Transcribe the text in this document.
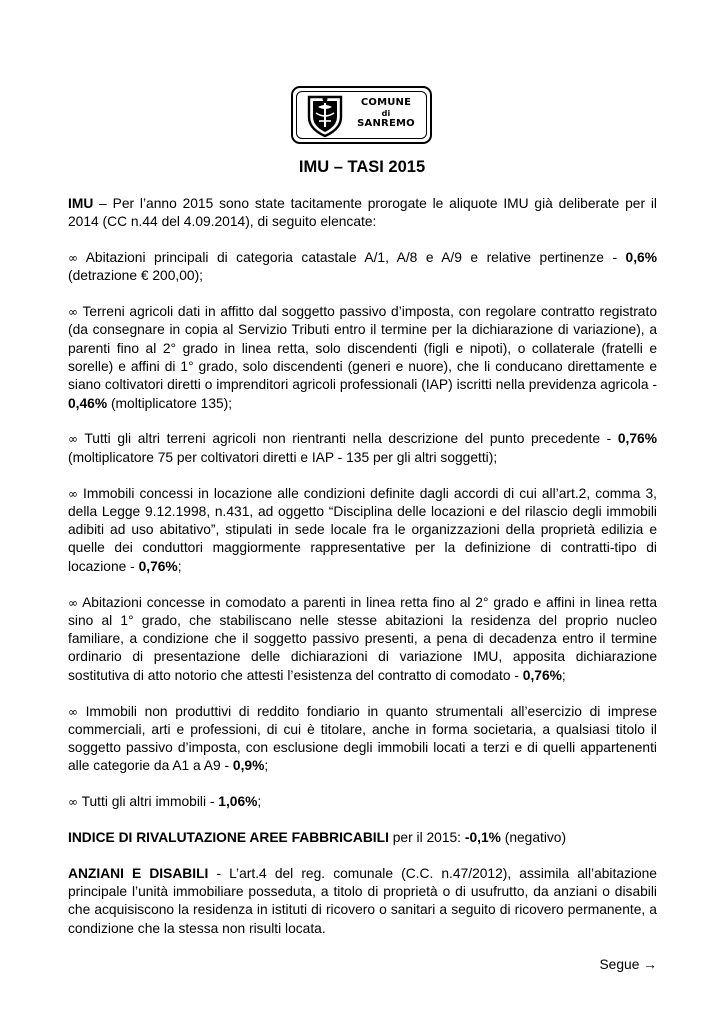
COMUNE
di
SANREMO
IMU – TASI 2015

IMU – Per l’anno 2015 sono state tacitamente prorogate le aliquote IMU già deliberate per il 2014 (CC n.44 del 4.09.2014), di seguito elencate:

∞ Abitazioni principali di categoria catastale A/1, A/8 e A/9 e relative pertinenze - 0,6% (detrazione € 200,00);

∞ Terreni agricoli dati in affitto dal soggetto passivo d’imposta, con regolare contratto registrato (da consegnare in copia al Servizio Tributi entro il termine per la dichiarazione di variazione), a parenti fino al 2° grado in linea retta, solo discendenti (figli e nipoti), o collaterale (fratelli e sorelle) e affini di 1° grado, solo discendenti (generi e nuore), che li conducano direttamente e siano coltivatori diretti o imprenditori agricoli professionali (IAP) iscritti nella previdenza agricola - 0,46% (moltiplicatore 135);

∞ Tutti gli altri terreni agricoli non rientranti nella descrizione del punto precedente - 0,76% (moltiplicatore 75 per coltivatori diretti e IAP - 135 per gli altri soggetti);

∞ Immobili concessi in locazione alle condizioni definite dagli accordi di cui all’art.2, comma 3, della Legge 9.12.1998, n.431, ad oggetto “Disciplina delle locazioni e del rilascio degli immobili adibiti ad uso abitativo”, stipulati in sede locale fra le organizzazioni della proprietà edilizia e quelle dei conduttori maggiormente rappresentative per la definizione di contratti-tipo di locazione - 0,76%;

∞ Abitazioni concesse in comodato a parenti in linea retta fino al 2° grado e affini in linea retta sino al 1° grado, che stabiliscano nelle stesse abitazioni la residenza del proprio nucleo familiare, a condizione che il soggetto passivo presenti, a pena di decadenza entro il termine ordinario di presentazione delle dichiarazioni di variazione IMU, apposita dichiarazione sostitutiva di atto notorio che attesti l’esistenza del contratto di comodato - 0,76%;

∞ Immobili non produttivi di reddito fondiario in quanto strumentali all’esercizio di imprese commerciali, arti e professioni, di cui è titolare, anche in forma societaria, a qualsiasi titolo il soggetto passivo d’imposta, con esclusione degli immobili locati a terzi e di quelli appartenenti alle categorie da A1 a A9 - 0,9%;

∞ Tutti gli altri immobili - 1,06%;

INDICE DI RIVALUTAZIONE AREE FABBRICABILI per il 2015: -0,1% (negativo)

ANZIANI E DISABILI - L’art.4 del reg. comunale (C.C. n.47/2012), assimila all’abitazione principale l’unità immobiliare posseduta, a titolo di proprietà o di usufrutto, da anziani o disabili che acquisiscono la residenza in istituti di ricovero o sanitari a seguito di ricovero permanente, a condizione che la stessa non risulti locata.

Segue →
